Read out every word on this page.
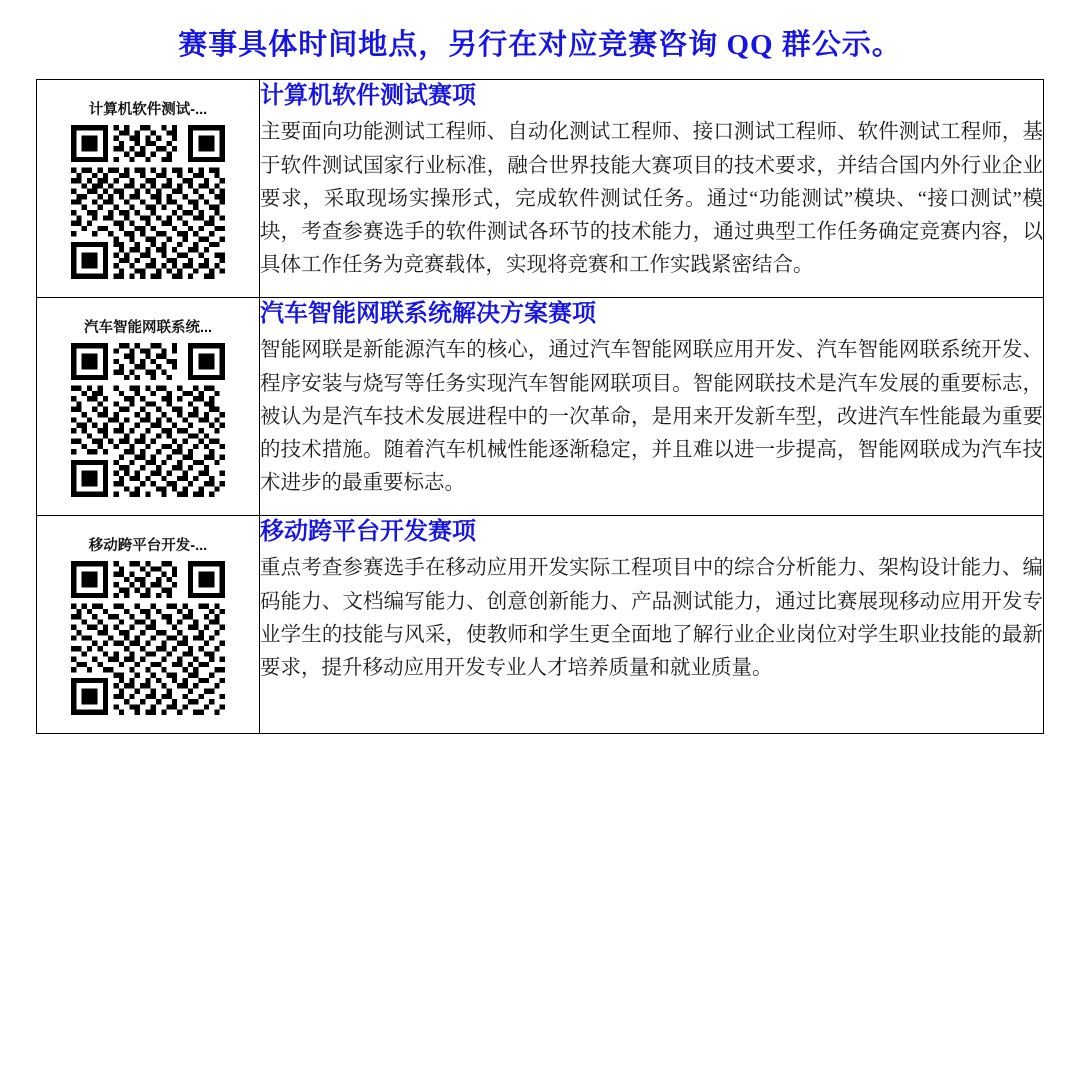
赛事具体时间地点，另行在对应竞赛咨询 QQ 群公示。
计算机软件测试-...	计算机软件测试赛项
主要面向功能测试工程师、自动化测试工程师、接口测试工程师、软件测试工程师，基于软件测试国家行业标准，融合世界技能大赛项目的技术要求，并结合国内外行业企业要求，采取现场实操形式，完成软件测试任务。通过“功能测试”模块、“接口测试”模块，考查参赛选手的软件测试各环节的技术能力，通过典型工作任务确定竞赛内容，以具体工作任务为竞赛载体，实现将竞赛和工作实践紧密结合。

汽车智能网联系统...	汽车智能网联系统解决方案赛项
智能网联是新能源汽车的核心，通过汽车智能网联应用开发、汽车智能网联系统开发、程序安装与烧写等任务实现汽车智能网联项目。智能网联技术是汽车发展的重要标志，被认为是汽车技术发展进程中的一次革命，是用来开发新车型，改进汽车性能最为重要的技术措施。随着汽车机械性能逐渐稳定，并且难以进一步提高，智能网联成为汽车技术进步的最重要标志。

移动跨平台开发-...	移动跨平台开发赛项
重点考查参赛选手在移动应用开发实际工程项目中的综合分析能力、架构设计能力、编码能力、文档编写能力、创意创新能力、产品测试能力，通过比赛展现移动应用开发专业学生的技能与风采，使教师和学生更全面地了解行业企业岗位对学生职业技能的最新要求，提升移动应用开发专业人才培养质量和就业质量。
